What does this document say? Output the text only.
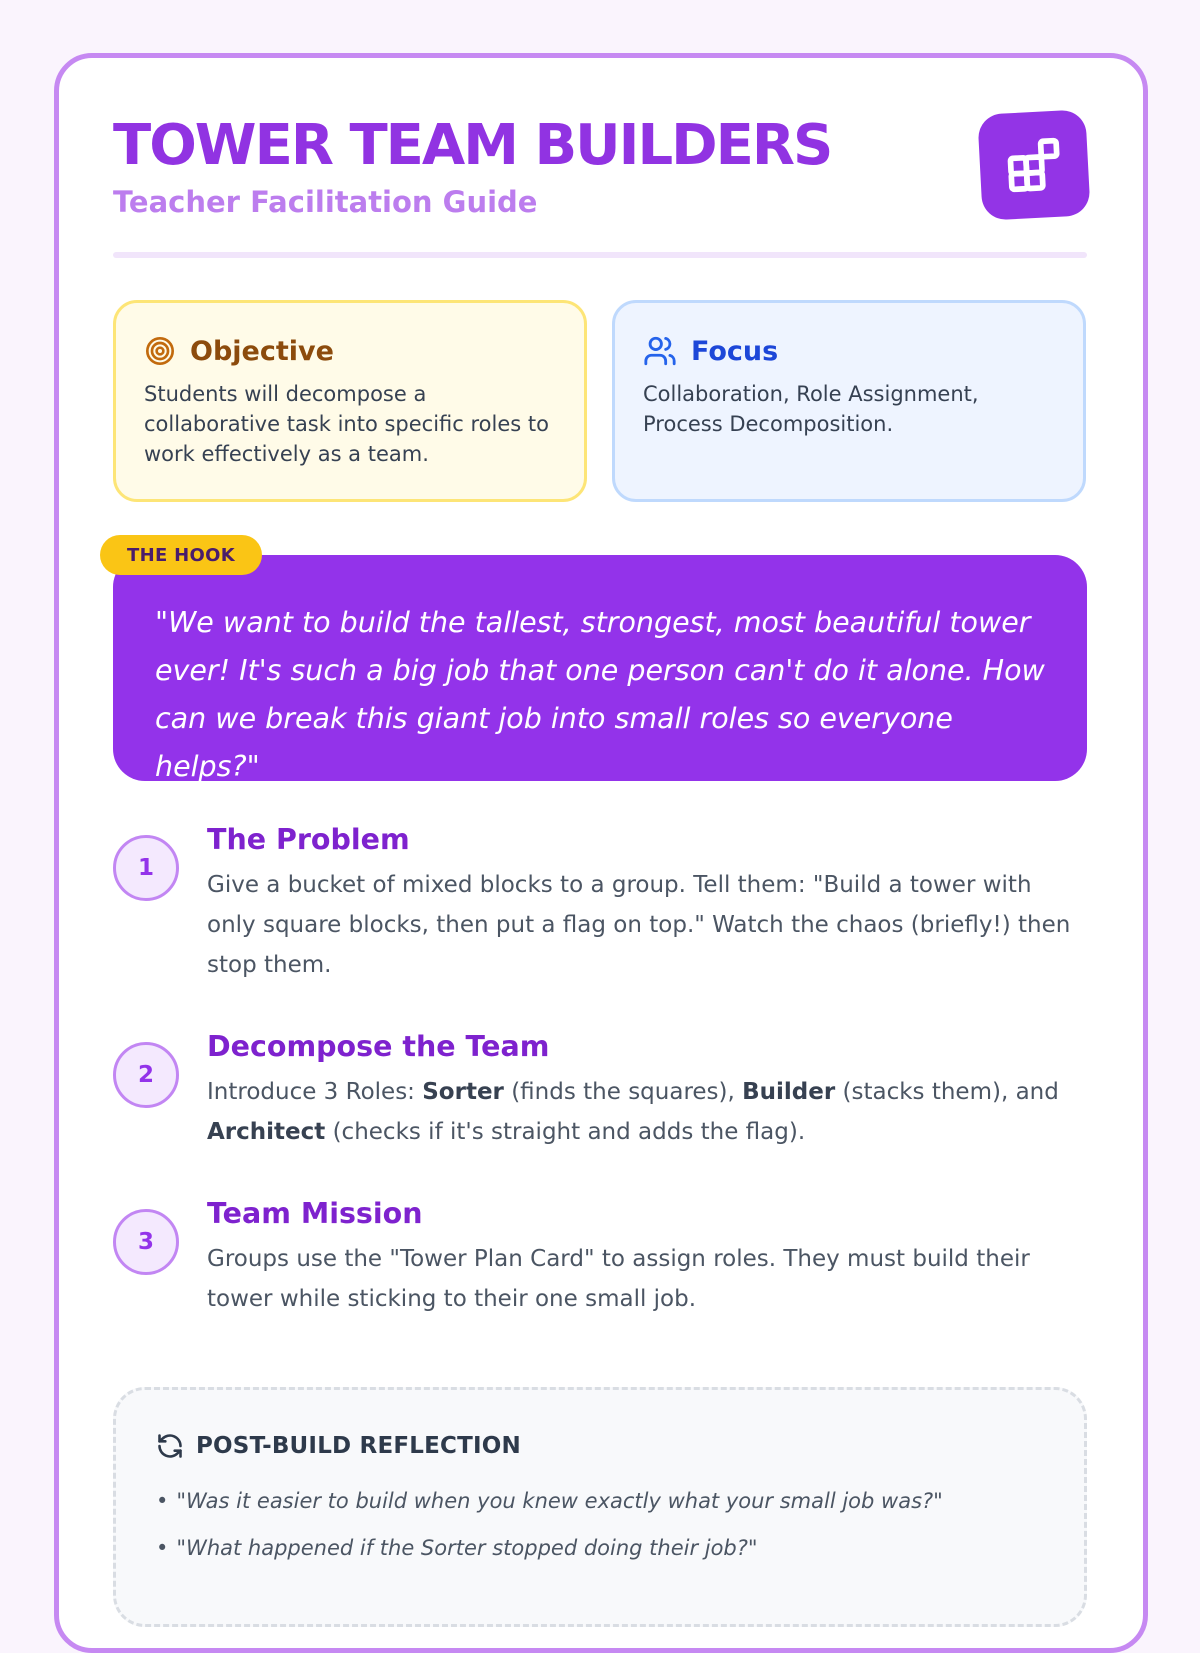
TOWER TEAM BUILDERS
Teacher Facilitation Guide
Objective

Students will decompose a collaborative task into specific roles to work effectively as a team.

Focus

Collaboration, Role Assignment, Process Decomposition.

"We want to build the tallest, strongest, most beautiful tower ever! It's such a big job that one person can't do it alone. How can we break this giant job into small roles so everyone helps?"

THE HOOK
1
The Problem

Give a bucket of mixed blocks to a group. Tell them: "Build a tower with only square blocks, then put a flag on top." Watch the chaos (briefly!) then stop them.

2
Decompose the Team

Introduce 3 Roles: Sorter (finds the squares), Builder (stacks them), and Architect (checks if it's straight and adds the flag).

3
Team Mission

Groups use the "Tower Plan Card" to assign roles. They must build their tower while sticking to their one small job.

POST-BUILD REFLECTION
• "Was it easier to build when you knew exactly what your small job was?"
• "What happened if the Sorter stopped doing their job?"
